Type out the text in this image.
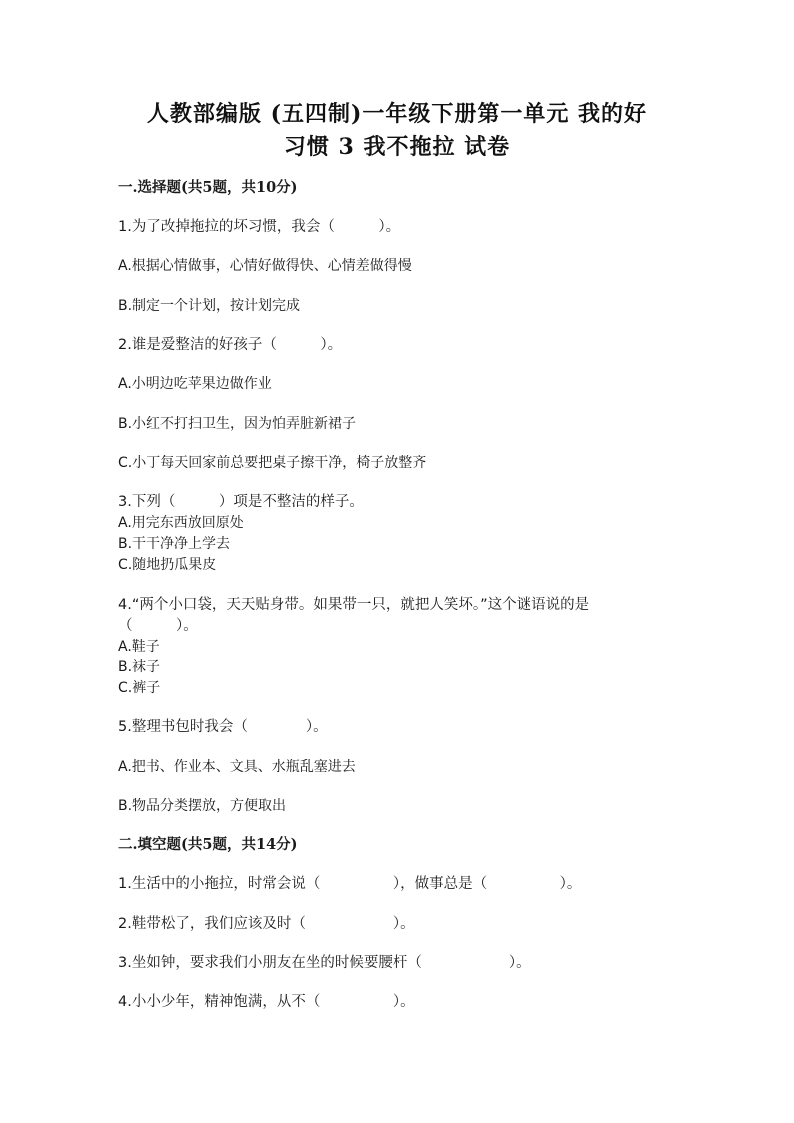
人教部编版 (五四制)一年级下册第一单元 我的好
习惯 3 我不拖拉 试卷
一.选择题(共5题，共10分)
1.为了改掉拖拉的坏习惯，我会（　　　）。
A.根据心情做事，心情好做得快、心情差做得慢
B.制定一个计划，按计划完成
2.谁是爱整洁的好孩子（　　　）。
A.小明边吃苹果边做作业
B.小红不打扫卫生，因为怕弄脏新裙子
C.小丁每天回家前总要把桌子擦干净，椅子放整齐
3.下列（　　　）项是不整洁的样子。
A.用完东西放回原处
B.干干净净上学去
C.随地扔瓜果皮
4.“两个小口袋，天天贴身带。如果带一只，就把人笑坏。”这个谜语说的是
（　　　）。
A.鞋子
B.袜子
C.裤子
5.整理书包时我会（　　　　）。
A.把书、作业本、文具、水瓶乱塞进去
B.物品分类摆放，方便取出
二.填空题(共5题，共14分)
1.生活中的小拖拉，时常会说（　　　　　），做事总是（　　　　　）。
2.鞋带松了，我们应该及时（　　　　　　）。
3.坐如钟，要求我们小朋友在坐的时候要腰杆（　　　　　　）。
4.小小少年，精神饱满，从不（　　　　　）。
